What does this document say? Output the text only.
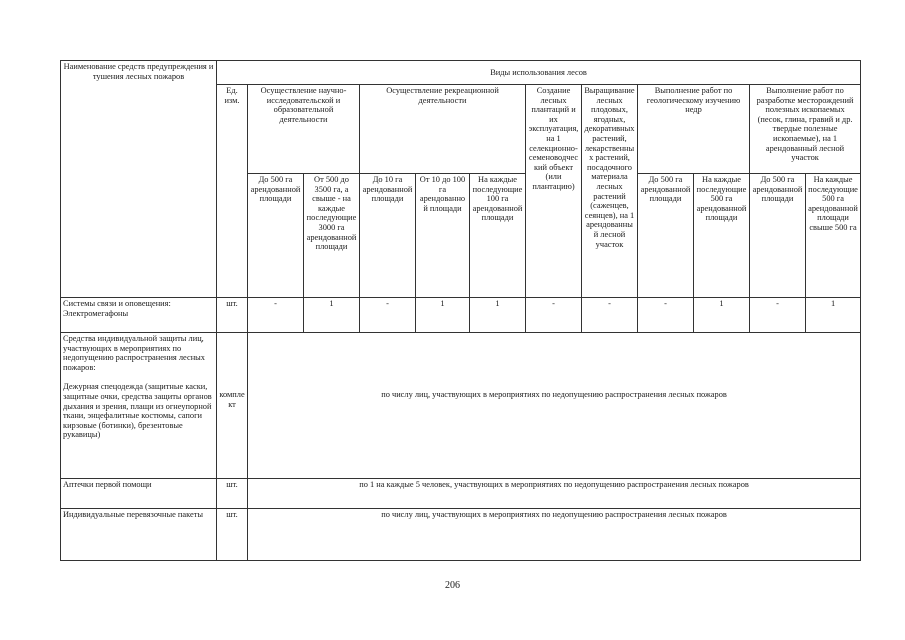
Наименование средств предупреждения и тушения лесных пожаров	Виды использования лесов											
	Ед. изм.	Осуществление научно-исследовательской и образовательной деятельности		Осуществление рекреационной деятельности			Создание лесных плантаций и их эксплуатация, на 1 селекционно-семеноводческий объект (или плантацию)	Выращивание лесных плодовых, ягодных, декоративных растений, лекарственных растений, посадочного материала лесных растений (саженцев, сеянцев), на 1 арендованный лесной участок	Выполнение работ по геологическому изучению недр		Выполнение работ по разработке месторождений полезных ископаемых (песок, глина, гравий и др. твердые полезные ископаемые), на 1 арендованный лесной участок	
		До 500 га арендованной площади	От 500 до 3500 га, а свыше - на каждые последующие 3000 га арендованной площади	До 10 га арендованной площади	От 10 до 100 га арендованной площади	На каждые последующие 100 га арендованной площади			До 500 га арендованной площади	На каждые последующие 500 га арендованной площади	До 500 га арендованной площади	На каждые последующие 500 га арендованной площади свыше 500 га
Системы связи и оповещения: Электромегафоны	шт.	-	1	-	1	1	-	-	-	1	-	1

Средства индивидуальной защиты лиц, участвующих в мероприятиях по недопущению распространения лесных пожаров:
Дежурная спецодежда (защитные каски, защитные очки, средства защиты органов дыхания и зрения, плащи из огнеупорной ткани, энцефалитные костюмы, сапоги кирзовые (ботинки), брезентовые рукавицы)	комплект	по числу лиц, участвующих в мероприятиях по недопущению распространения лесных пожаров										
Аптечки первой помощи	шт.	по 1 на каждые 5 человек, участвующих в мероприятиях по недопущению распространения лесных пожаров										
Индивидуальные перевязочные пакеты	шт.	по числу лиц, участвующих в мероприятиях по недопущению распространения лесных пожаров										
206
